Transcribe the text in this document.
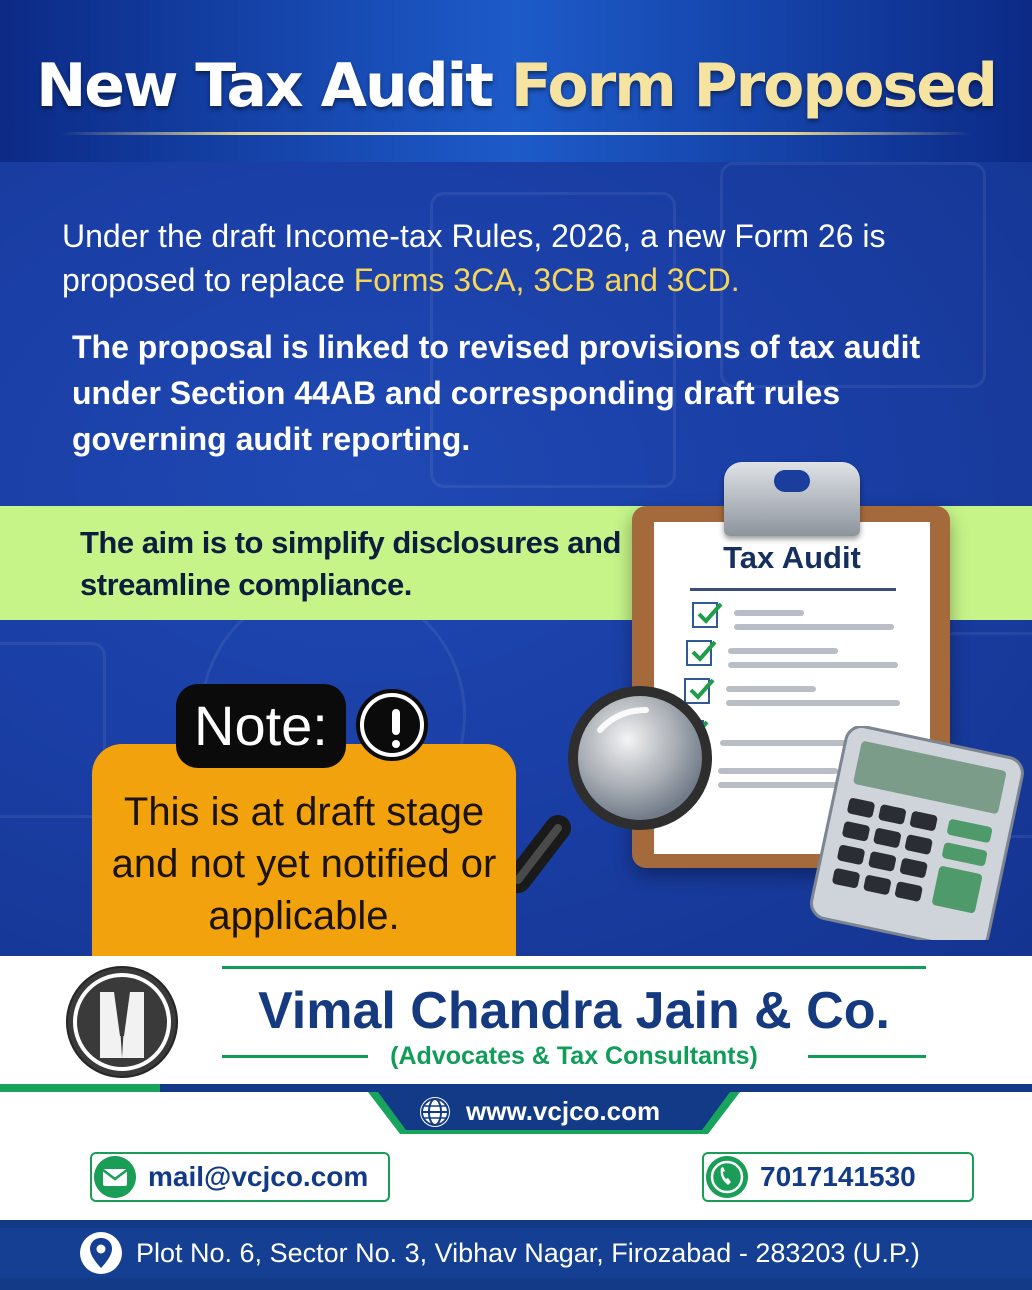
New Tax Audit Form Proposed
Under the draft Income-tax Rules, 2026, a new Form 26 is proposed to replace Forms 3CA, 3CB and 3CD.
The proposal is linked to revised provisions of tax audit under Section 44AB and corresponding draft rules governing audit reporting.
The aim is to simplify disclosures and streamline compliance.
Tax Audit
Note:
This is at draft stage and not yet notified or applicable.
Vimal Chandra Jain & Co.
(Advocates & Tax Consultants)
www.vcjco.com
mail@vcjco.com	7017141530
Plot No. 6, Sector No. 3, Vibhav Nagar, Firozabad - 283203 (U.P.)
